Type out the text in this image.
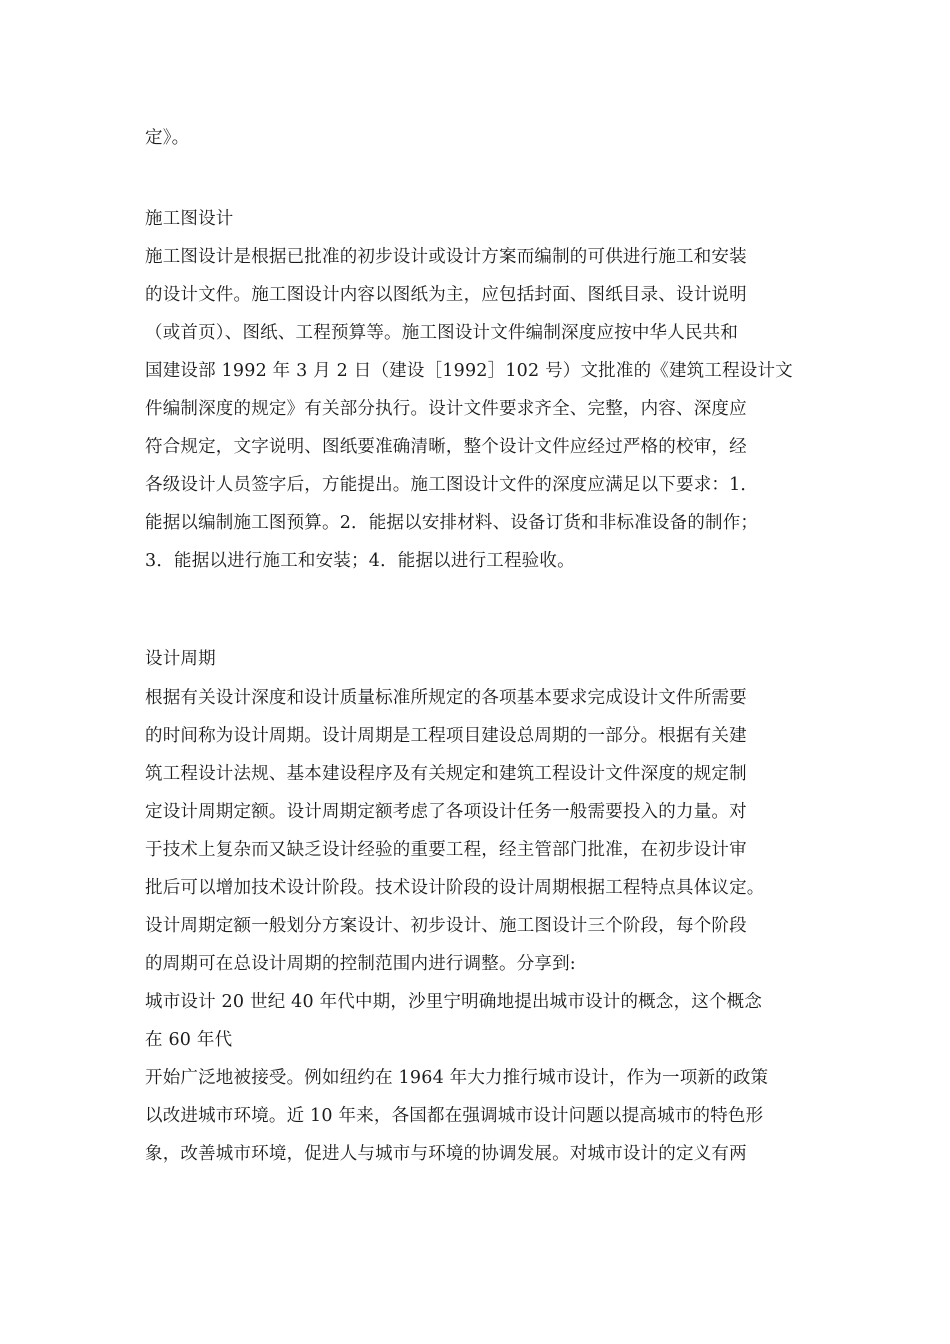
定》。
施工图设计
施工图设计是根据已批准的初步设计或设计方案而编制的可供进行施工和安装
的设计文件。施工图设计内容以图纸为主，应包括封面、图纸目录、设计说明
（或首页）、图纸、工程预算等。施工图设计文件编制深度应按中华人民共和
国建设部 1992 年 3 月 2 日（建设［1992］102 号）文批准的《建筑工程设计文
件编制深度的规定》有关部分执行。设计文件要求齐全、完整，内容、深度应
符合规定，文字说明、图纸要准确清晰，整个设计文件应经过严格的校审，经
各级设计人员签字后，方能提出。施工图设计文件的深度应满足以下要求：1．
能据以编制施工图预算。2．能据以安排材料、设备订货和非标准设备的制作；
3．能据以进行施工和安装；4．能据以进行工程验收。
设计周期
根据有关设计深度和设计质量标准所规定的各项基本要求完成设计文件所需要
的时间称为设计周期。设计周期是工程项目建设总周期的一部分。根据有关建
筑工程设计法规、基本建设程序及有关规定和建筑工程设计文件深度的规定制
定设计周期定额。设计周期定额考虑了各项设计任务一般需要投入的力量。对
于技术上复杂而又缺乏设计经验的重要工程，经主管部门批准，在初步设计审
批后可以增加技术设计阶段。技术设计阶段的设计周期根据工程特点具体议定。
设计周期定额一般划分方案设计、初步设计、施工图设计三个阶段，每个阶段
的周期可在总设计周期的控制范围内进行调整。分享到:
城市设计 20 世纪 40 年代中期，沙里宁明确地提出城市设计的概念，这个概念
在 60 年代
开始广泛地被接受。例如纽约在 1964 年大力推行城市设计，作为一项新的政策
以改进城市环境。近 10 年来，各国都在强调城市设计问题以提高城市的特色形
象，改善城市环境，促进人与城市与环境的协调发展。对城市设计的定义有两
